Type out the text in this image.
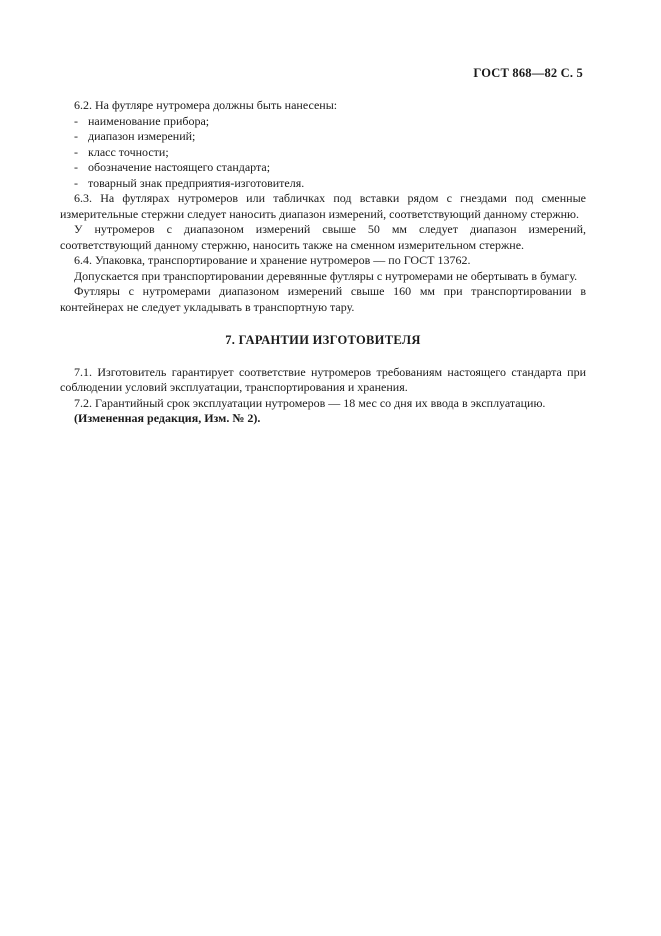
ГОСТ 868—82 С. 5

6.2. На футляре нутромера должны быть нанесены:

- наименование прибора;

- диапазон измерений;

- класс точности;

- обозначение настоящего стандарта;

- товарный знак предприятия-изготовителя.

6.3. На футлярах нутромеров или табличках под вставки рядом с гнездами под сменные измерительные стержни следует наносить диапазон измерений, соответствующий данному стержню.

У нутромеров с диапазоном измерений свыше 50 мм следует диапазон измерений, соответствующий данному стержню, наносить также на сменном измерительном стержне.

6.4. Упаковка, транспортирование и хранение нутромеров — по ГОСТ 13762.

Допускается при транспортировании деревянные футляры с нутромерами не обертывать в бумагу.

Футляры с нутромерами диапазоном измерений свыше 160 мм при транспортировании в контейнерах не следует укладывать в транспортную тару.

7. ГАРАНТИИ ИЗГОТОВИТЕЛЯ

7.1. Изготовитель гарантирует соответствие нутромеров требованиям настоящего стандарта при соблюдении условий эксплуатации, транспортирования и хранения.

7.2. Гарантийный срок эксплуатации нутромеров — 18 мес со дня их ввода в эксплуатацию.

(Измененная редакция, Изм. № 2).
